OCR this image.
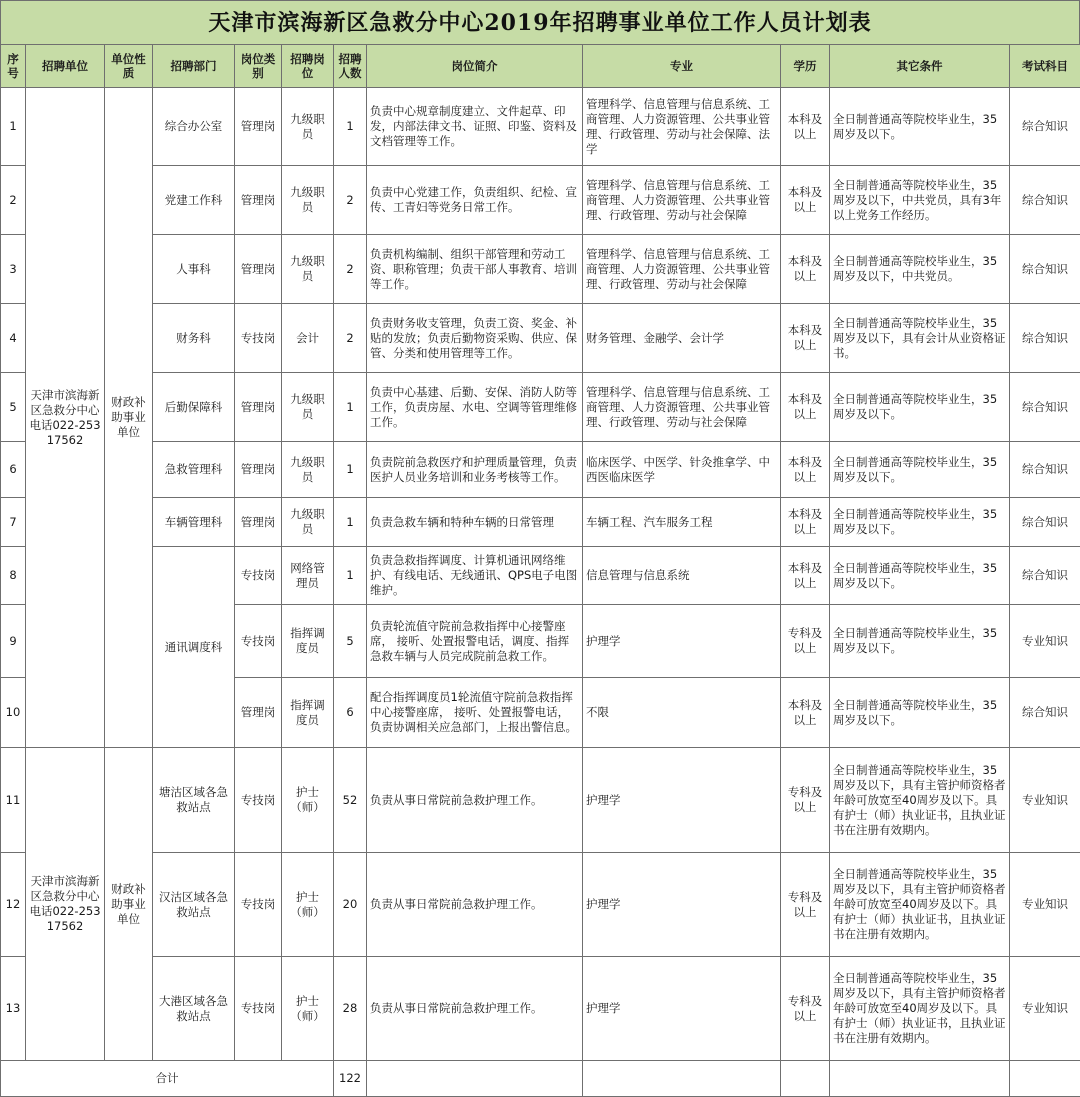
天津市滨海新区急救分中心2019年招聘事业单位工作人员计划表
序号	招聘单位	单位性质	招聘部门	岗位类别	招聘岗位	招聘人数	岗位简介	专业	学历	其它条件	考试科目
1	天津市滨海新区急救分中心电话022-25317562	财政补助事业单位	综合办公室	管理岗	九级职员	1	负责中心规章制度建立、文件起草、印发，内部法律文书、证照、印鉴、资料及文档管理等工作。	管理科学、信息管理与信息系统、工商管理、人力资源管理、公共事业管理、行政管理、劳动与社会保障、法学	本科及以上	全日制普通高等院校毕业生，35周岁及以下。	综合知识
2			党建工作科	管理岗	九级职员	2	负责中心党建工作，负责组织、纪检、宣传、工青妇等党务日常工作。	管理科学、信息管理与信息系统、工商管理、人力资源管理、公共事业管理、行政管理、劳动与社会保障	本科及以上	全日制普通高等院校毕业生，35周岁及以下，中共党员，具有3年以上党务工作经历。	综合知识
3			人事科	管理岗	九级职员	2	负责机构编制、组织干部管理和劳动工资、职称管理；负责干部人事教育、培训等工作。	管理科学、信息管理与信息系统、工商管理、人力资源管理、公共事业管理、行政管理、劳动与社会保障	本科及以上	全日制普通高等院校毕业生，35周岁及以下，中共党员。	综合知识
4			财务科	专技岗	会计	2	负责财务收支管理，负责工资、奖金、补贴的发放；负责后勤物资采购、供应、保管、分类和使用管理等工作。	财务管理、金融学、会计学	本科及以上	全日制普通高等院校毕业生，35周岁及以下，具有会计从业资格证书。	综合知识
5			后勤保障科	管理岗	九级职员	1	负责中心基建、后勤、安保、消防人防等工作，负责房屋、水电、空调等管理维修工作。	管理科学、信息管理与信息系统、工商管理、人力资源管理、公共事业管理、行政管理、劳动与社会保障	本科及以上	全日制普通高等院校毕业生，35周岁及以下。	综合知识
6			急救管理科	管理岗	九级职员	1	负责院前急救医疗和护理质量管理，负责医护人员业务培训和业务考核等工作。	临床医学、中医学、针灸推拿学、中西医临床医学	本科及以上	全日制普通高等院校毕业生，35周岁及以下。	综合知识
7			车辆管理科	管理岗	九级职员	1	负责急救车辆和特种车辆的日常管理	车辆工程、汽车服务工程	本科及以上	全日制普通高等院校毕业生，35周岁及以下。	综合知识
8			通讯调度科	专技岗	网络管理员	1	负责急救指挥调度、计算机通讯网络维护、有线电话、无线通讯、QPS电子电图维护。	信息管理与信息系统	本科及以上	全日制普通高等院校毕业生，35周岁及以下。	综合知识
9				专技岗	指挥调度员	5	负责轮流值守院前急救指挥中心接警座席， 接听、处置报警电话，调度、指挥急救车辆与人员完成院前急救工作。	护理学	专科及以上	全日制普通高等院校毕业生，35周岁及以下。	专业知识
10				管理岗	指挥调度员	6	配合指挥调度员1轮流值守院前急救指挥中心接警座席， 接听、处置报警电话，负责协调相关应急部门，上报出警信息。	不限	本科及以上	全日制普通高等院校毕业生，35周岁及以下。	综合知识
11	天津市滨海新区急救分中心电话022-25317562	财政补助事业单位	塘沽区域各急救站点	专技岗	护士（师）	52	负责从事日常院前急救护理工作。	护理学	专科及以上	全日制普通高等院校毕业生，35周岁及以下，具有主管护师资格者年龄可放宽至40周岁及以下。具有护士（师）执业证书，且执业证书在注册有效期内。	专业知识
12			汉沽区域各急救站点	专技岗	护士（师）	20	负责从事日常院前急救护理工作。	护理学	专科及以上	全日制普通高等院校毕业生，35周岁及以下，具有主管护师资格者年龄可放宽至40周岁及以下。具有护士（师）执业证书，且执业证书在注册有效期内。	专业知识
13			大港区域各急救站点	专技岗	护士（师）	28	负责从事日常院前急救护理工作。	护理学	专科及以上	全日制普通高等院校毕业生，35周岁及以下，具有主管护师资格者年龄可放宽至40周岁及以下。具有护士（师）执业证书，且执业证书在注册有效期内。	专业知识
合计						122					
